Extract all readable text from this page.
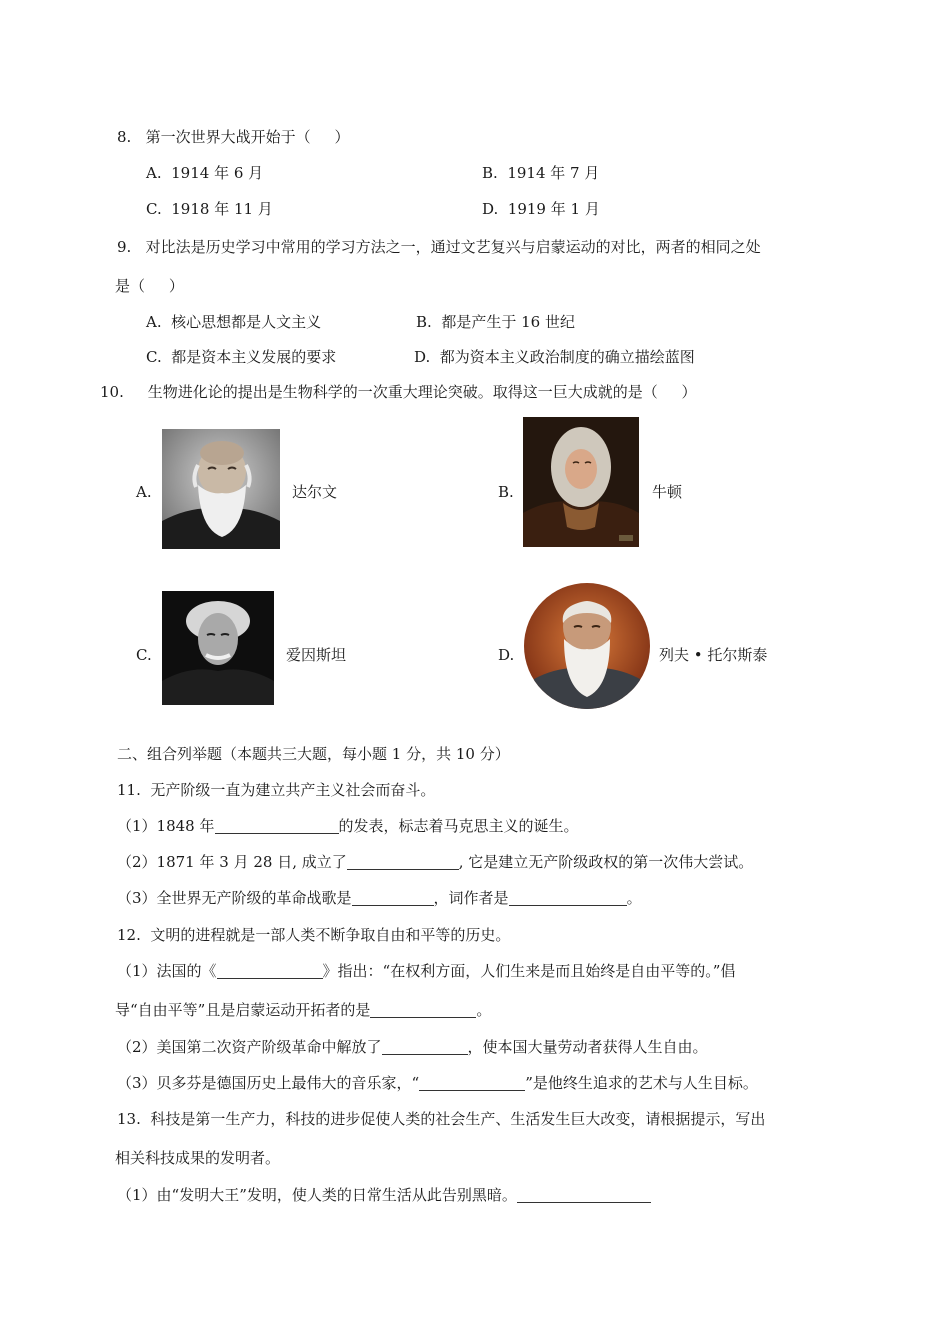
8.   第一次世界大战开始于（     ）
A.  1914 年 6 月	B.  1914 年 7 月
C.  1918 年 11 月	D.  1919 年 1 月
9.   对比法是历史学习中常用的学习方法之一，通过文艺复兴与启蒙运动的对比，两者的相同之处
是（     ）
A.  核心思想都是人文主义	B.  都是产生于 16 世纪
C.  都是资本主义发展的要求	D.  都为资本主义政治制度的确立描绘蓝图
10.     生物进化论的提出是生物科学的一次重大理论突破。取得这一巨大成就的是（     ）
A.	达尔文	B.	牛顿
C.	爱因斯坦	D.	列夫 • 托尔斯泰
二、组合列举题（本题共三大题，每小题 1 分，共 10 分）
11.  无产阶级一直为建立共产主义社会而奋斗。
（1）1848 年	的发表，标志着马克思主义的诞生。
（2）1871 年 3 月 28 日, 成立了	, 它是建立无产阶级政权的第一次伟大尝试。
（3）全世界无产阶级的革命战歌是	，词作者是	。
12.  文明的进程就是一部人类不断争取自由和平等的历史。
（1）法国的《	》指出：“在权利方面，人们生来是而且始终是自由平等的。”倡
导“自由平等”且是启蒙运动开拓者的是	。
（2）美国第二次资产阶级革命中解放了	，使本国大量劳动者获得人生自由。
（3）贝多芬是德国历史上最伟大的音乐家，“	”是他终生追求的艺术与人生目标。
13.  科技是第一生产力，科技的进步促使人类的社会生产、生活发生巨大改变，请根据提示，写出
相关科技成果的发明者。
（1）由“发明大王”发明，使人类的日常生活从此告别黑暗。
